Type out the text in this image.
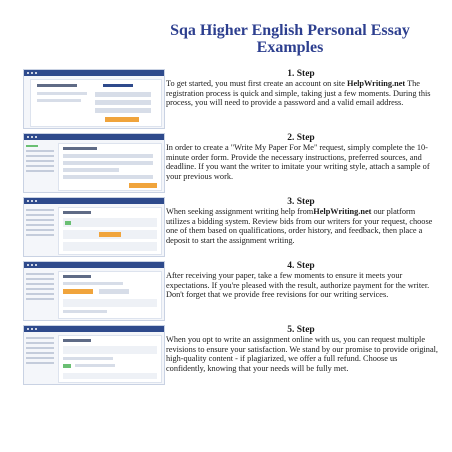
Sqa Higher English Personal Essay Examples
1. Step

To get started, you must first create an account on site HelpWriting.net The registration process is quick and simple, taking just a few moments. During this process, you will need to provide a password and a valid email address.

2. Step

In order to create a "Write My Paper For Me" request, simply complete the 10-minute order form. Provide the necessary instructions, preferred sources, and deadline. If you want the writer to imitate your writing style, attach a sample of your previous work.

3. Step

When seeking assignment writing help fromHelpWriting.net our platform utilizes a bidding system. Review bids from our writers for your request, choose one of them based on qualifications, order history, and feedback, then place a deposit to start the assignment writing.

4. Step

After receiving your paper, take a few moments to ensure it meets your expectations. If you're pleased with the result, authorize payment for the writer. Don't forget that we provide free revisions for our writing services.

5. Step

When you opt to write an assignment online with us, you can request multiple revisions to ensure your satisfaction. We stand by our promise to provide original, high-quality content - if plagiarized, we offer a full refund. Choose us confidently, knowing that your needs will be fully met.
